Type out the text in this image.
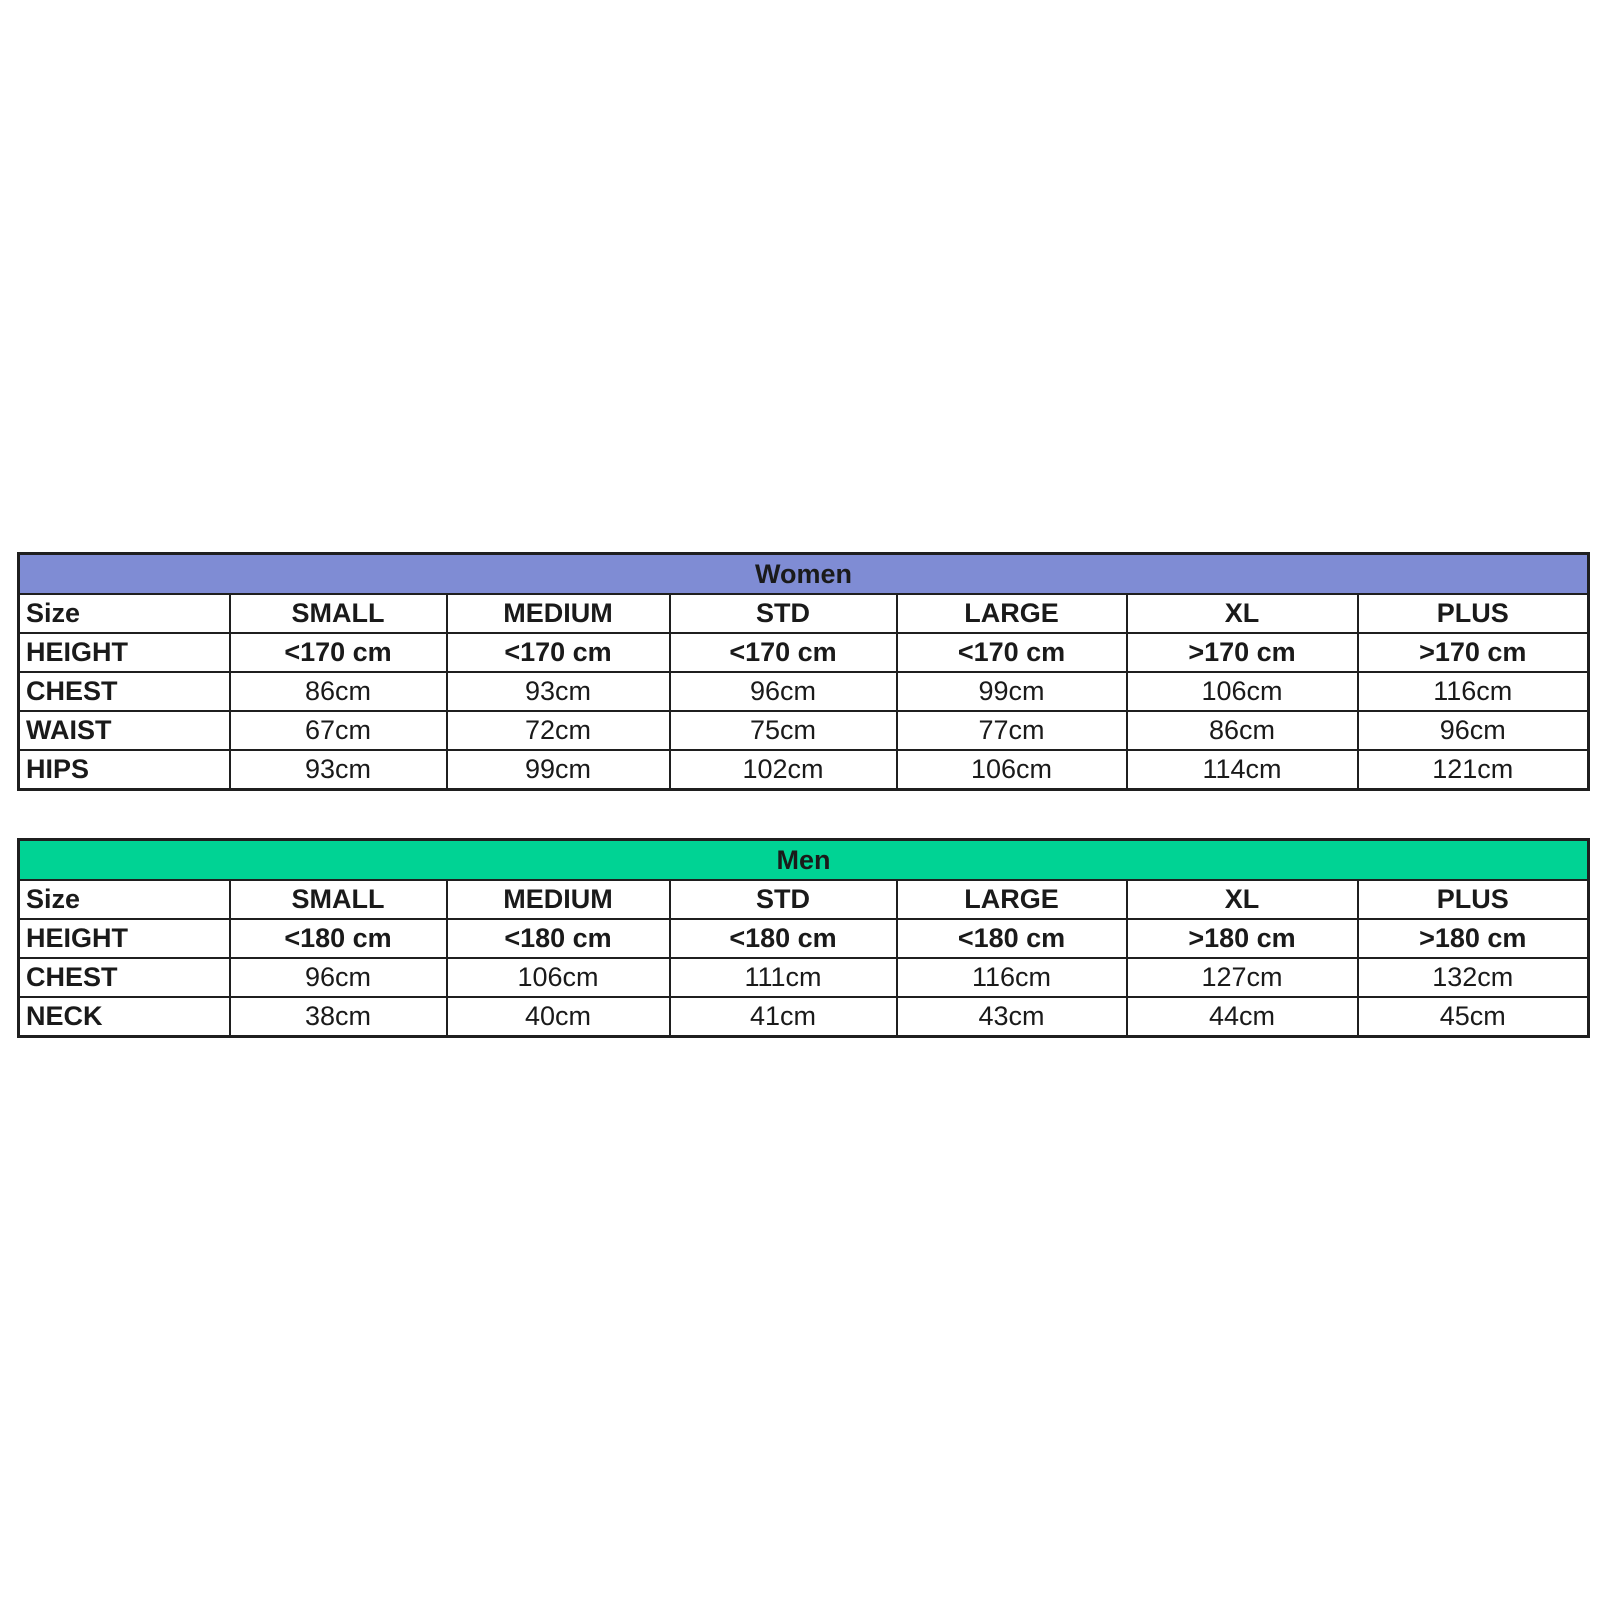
Women						
Size	SMALL	MEDIUM	STD	LARGE	XL	PLUS
HEIGHT	<170 cm	<170 cm	<170 cm	<170 cm	>170 cm	>170 cm
CHEST	86cm	93cm	96cm	99cm	106cm	116cm
WAIST	67cm	72cm	75cm	77cm	86cm	96cm
HIPS	93cm	99cm	102cm	106cm	114cm	121cm
Men						
Size	SMALL	MEDIUM	STD	LARGE	XL	PLUS
HEIGHT	<180 cm	<180 cm	<180 cm	<180 cm	>180 cm	>180 cm
CHEST	96cm	106cm	111cm	116cm	127cm	132cm
NECK	38cm	40cm	41cm	43cm	44cm	45cm
